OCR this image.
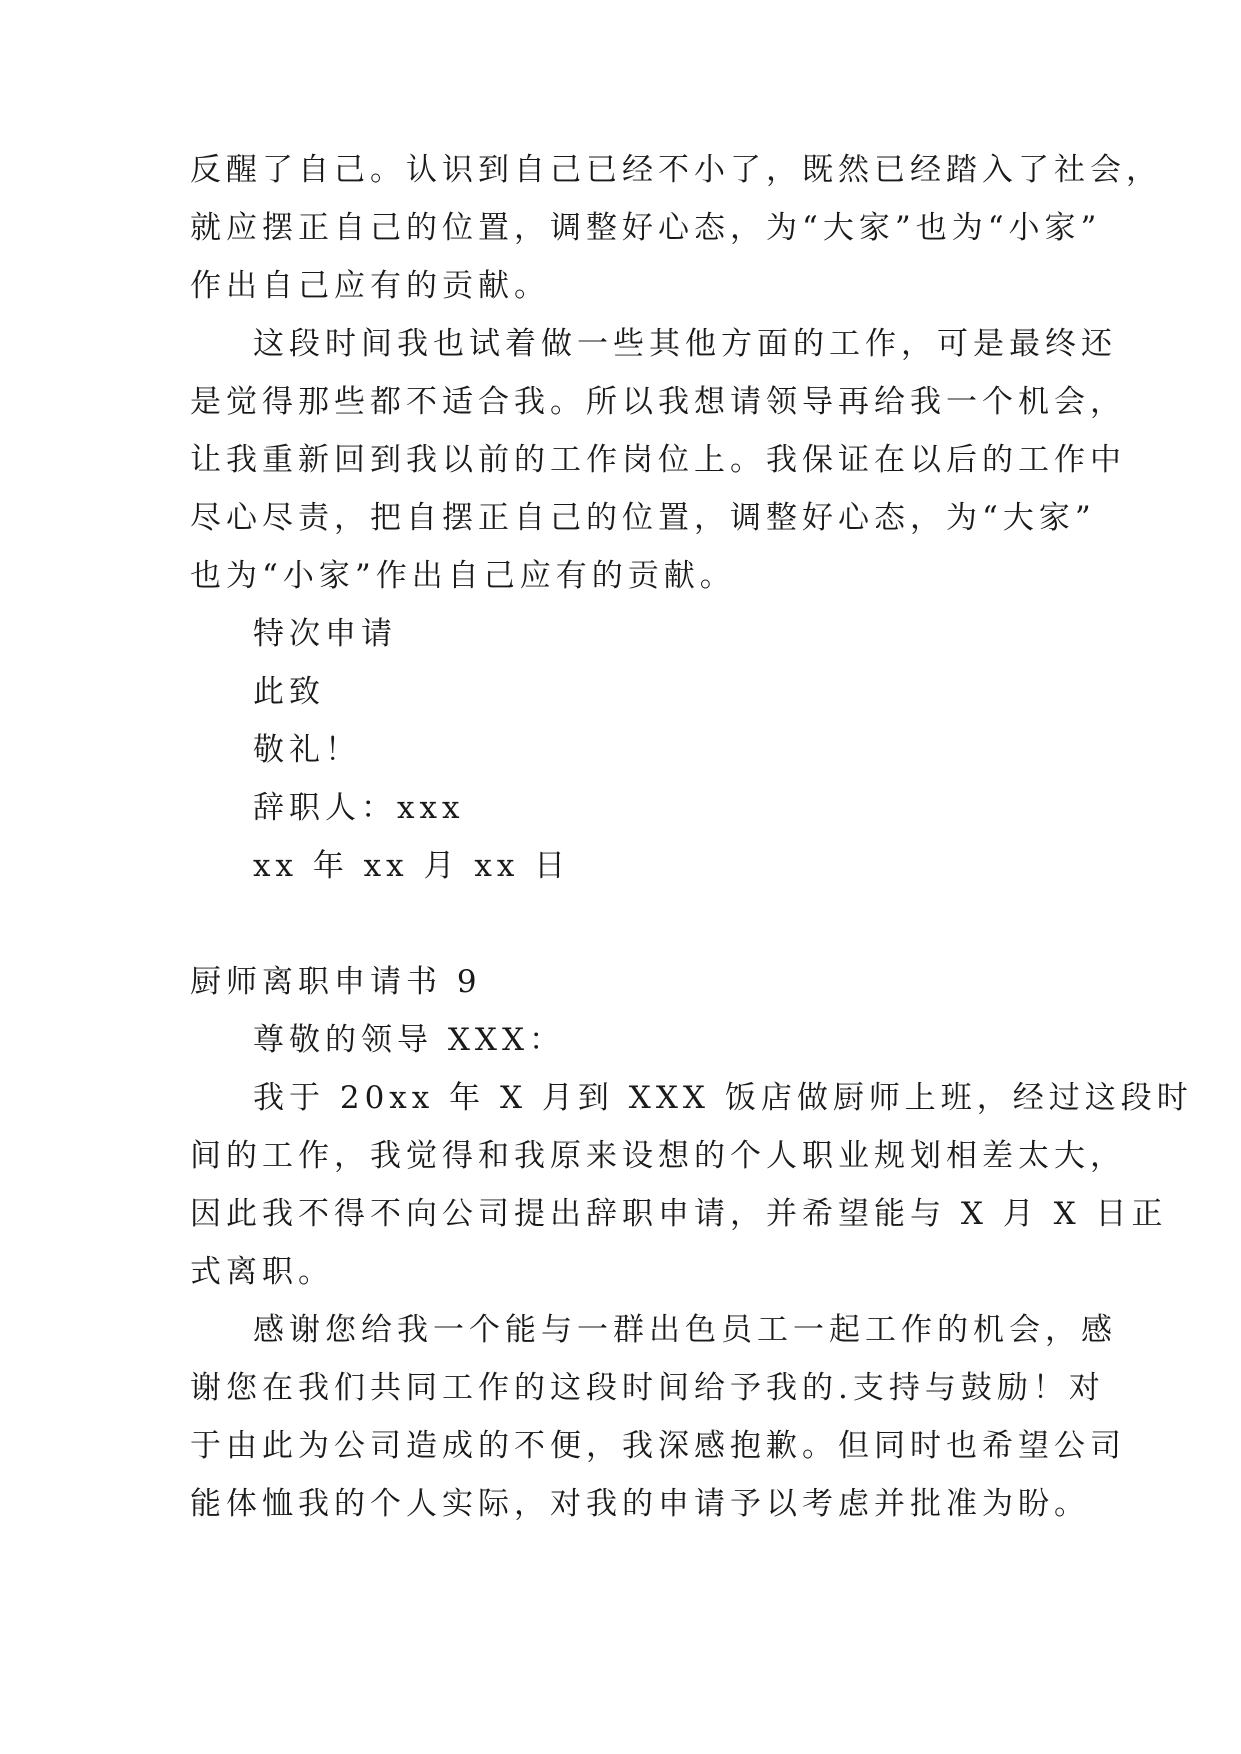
反醒了自己。认识到自己已经不小了，既然已经踏入了社会，
就应摆正自己的位置，调整好心态，为“大家”也为“小家”
作出自己应有的贡献。
这段时间我也试着做一些其他方面的工作，可是最终还
是觉得那些都不适合我。所以我想请领导再给我一个机会，
让我重新回到我以前的工作岗位上。我保证在以后的工作中
尽心尽责，把自摆正自己的位置，调整好心态，为“大家”
也为“小家”作出自己应有的贡献。
特次申请
此致
敬礼！
辞职人：xxx
xx 年 xx 月 xx 日
厨师离职申请书 9
尊敬的领导 XXX：
我于 20xx 年 X 月到 XXX 饭店做厨师上班，经过这段时
间的工作，我觉得和我原来设想的个人职业规划相差太大，
因此我不得不向公司提出辞职申请，并希望能与 X 月 X 日正
式离职。
感谢您给我一个能与一群出色员工一起工作的机会，感
谢您在我们共同工作的这段时间给予我的.支持与鼓励！对
于由此为公司造成的不便，我深感抱歉。但同时也希望公司
能体恤我的个人实际，对我的申请予以考虑并批准为盼。
